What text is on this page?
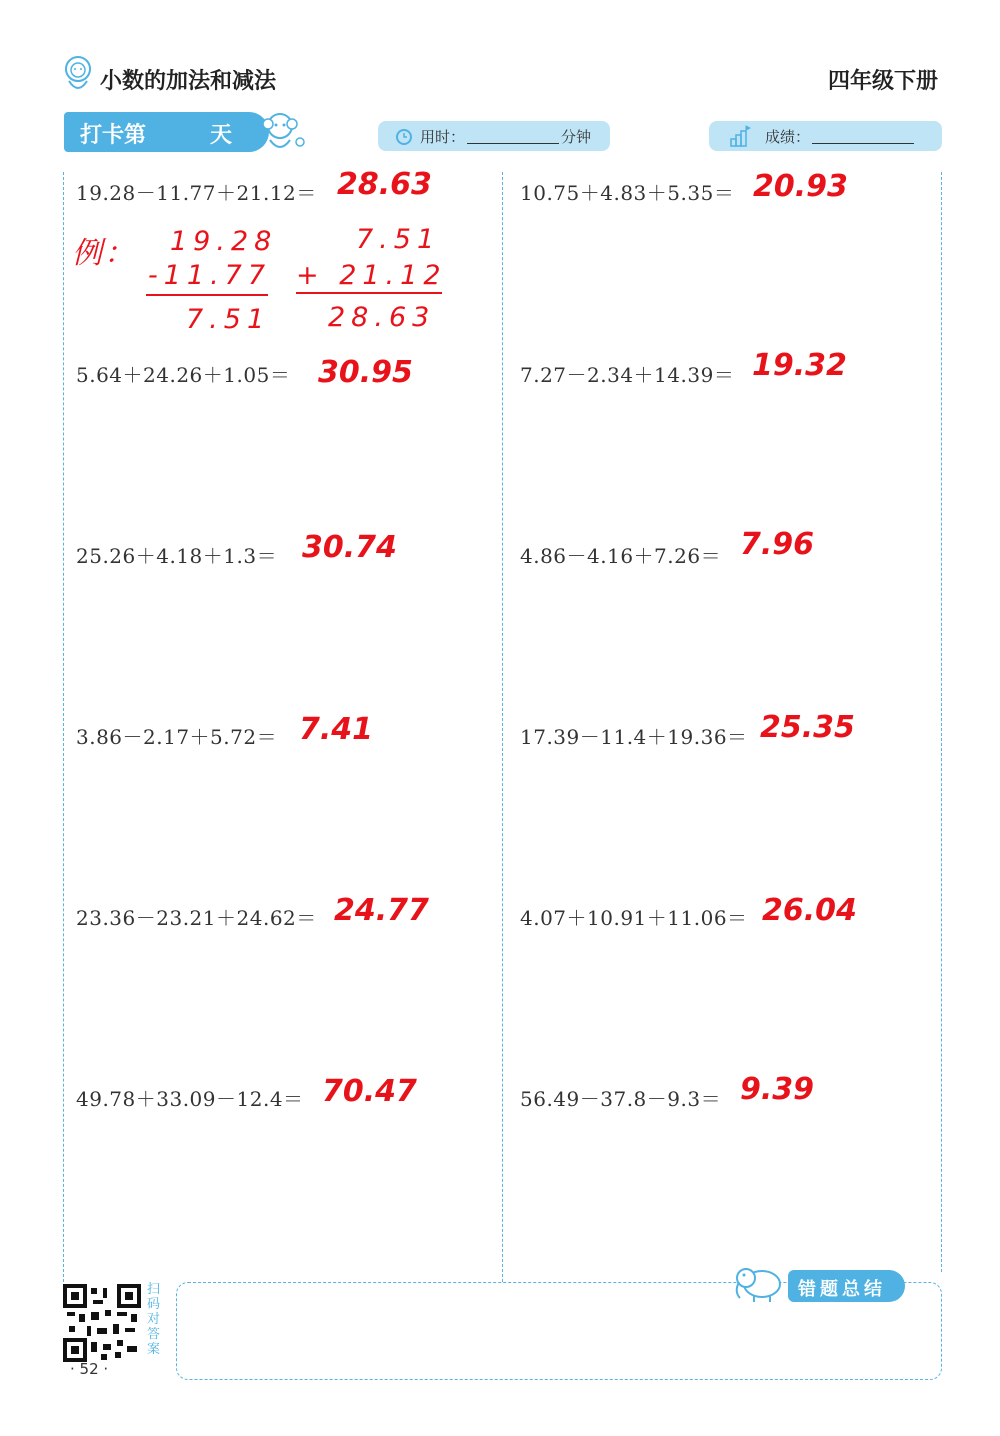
小数的加法和减法	四年级下册
打卡第	天	用时：	分钟	成绩：
19.28－11.77＋21.12＝ 28.63
例： 19.28
-11.77
7.51
7.51
+ 21.12
28.63
5.64＋24.26＋1.05＝ 30.95
25.26＋4.18＋1.3＝ 30.74
3.86－2.17＋5.72＝ 7.41
23.36－23.21＋24.62＝ 24.77
49.78＋33.09－12.4＝ 70.47
10.75＋4.83＋5.35＝ 20.93
7.27－2.34＋14.39＝ 19.32
4.86－4.16＋7.26＝ 7.96
17.39－11.4＋19.36＝ 25.35
4.07＋10.91＋11.06＝ 26.04
56.49－37.8－9.3＝ 9.39
扫码对答案
· 52 ·
错题总结
